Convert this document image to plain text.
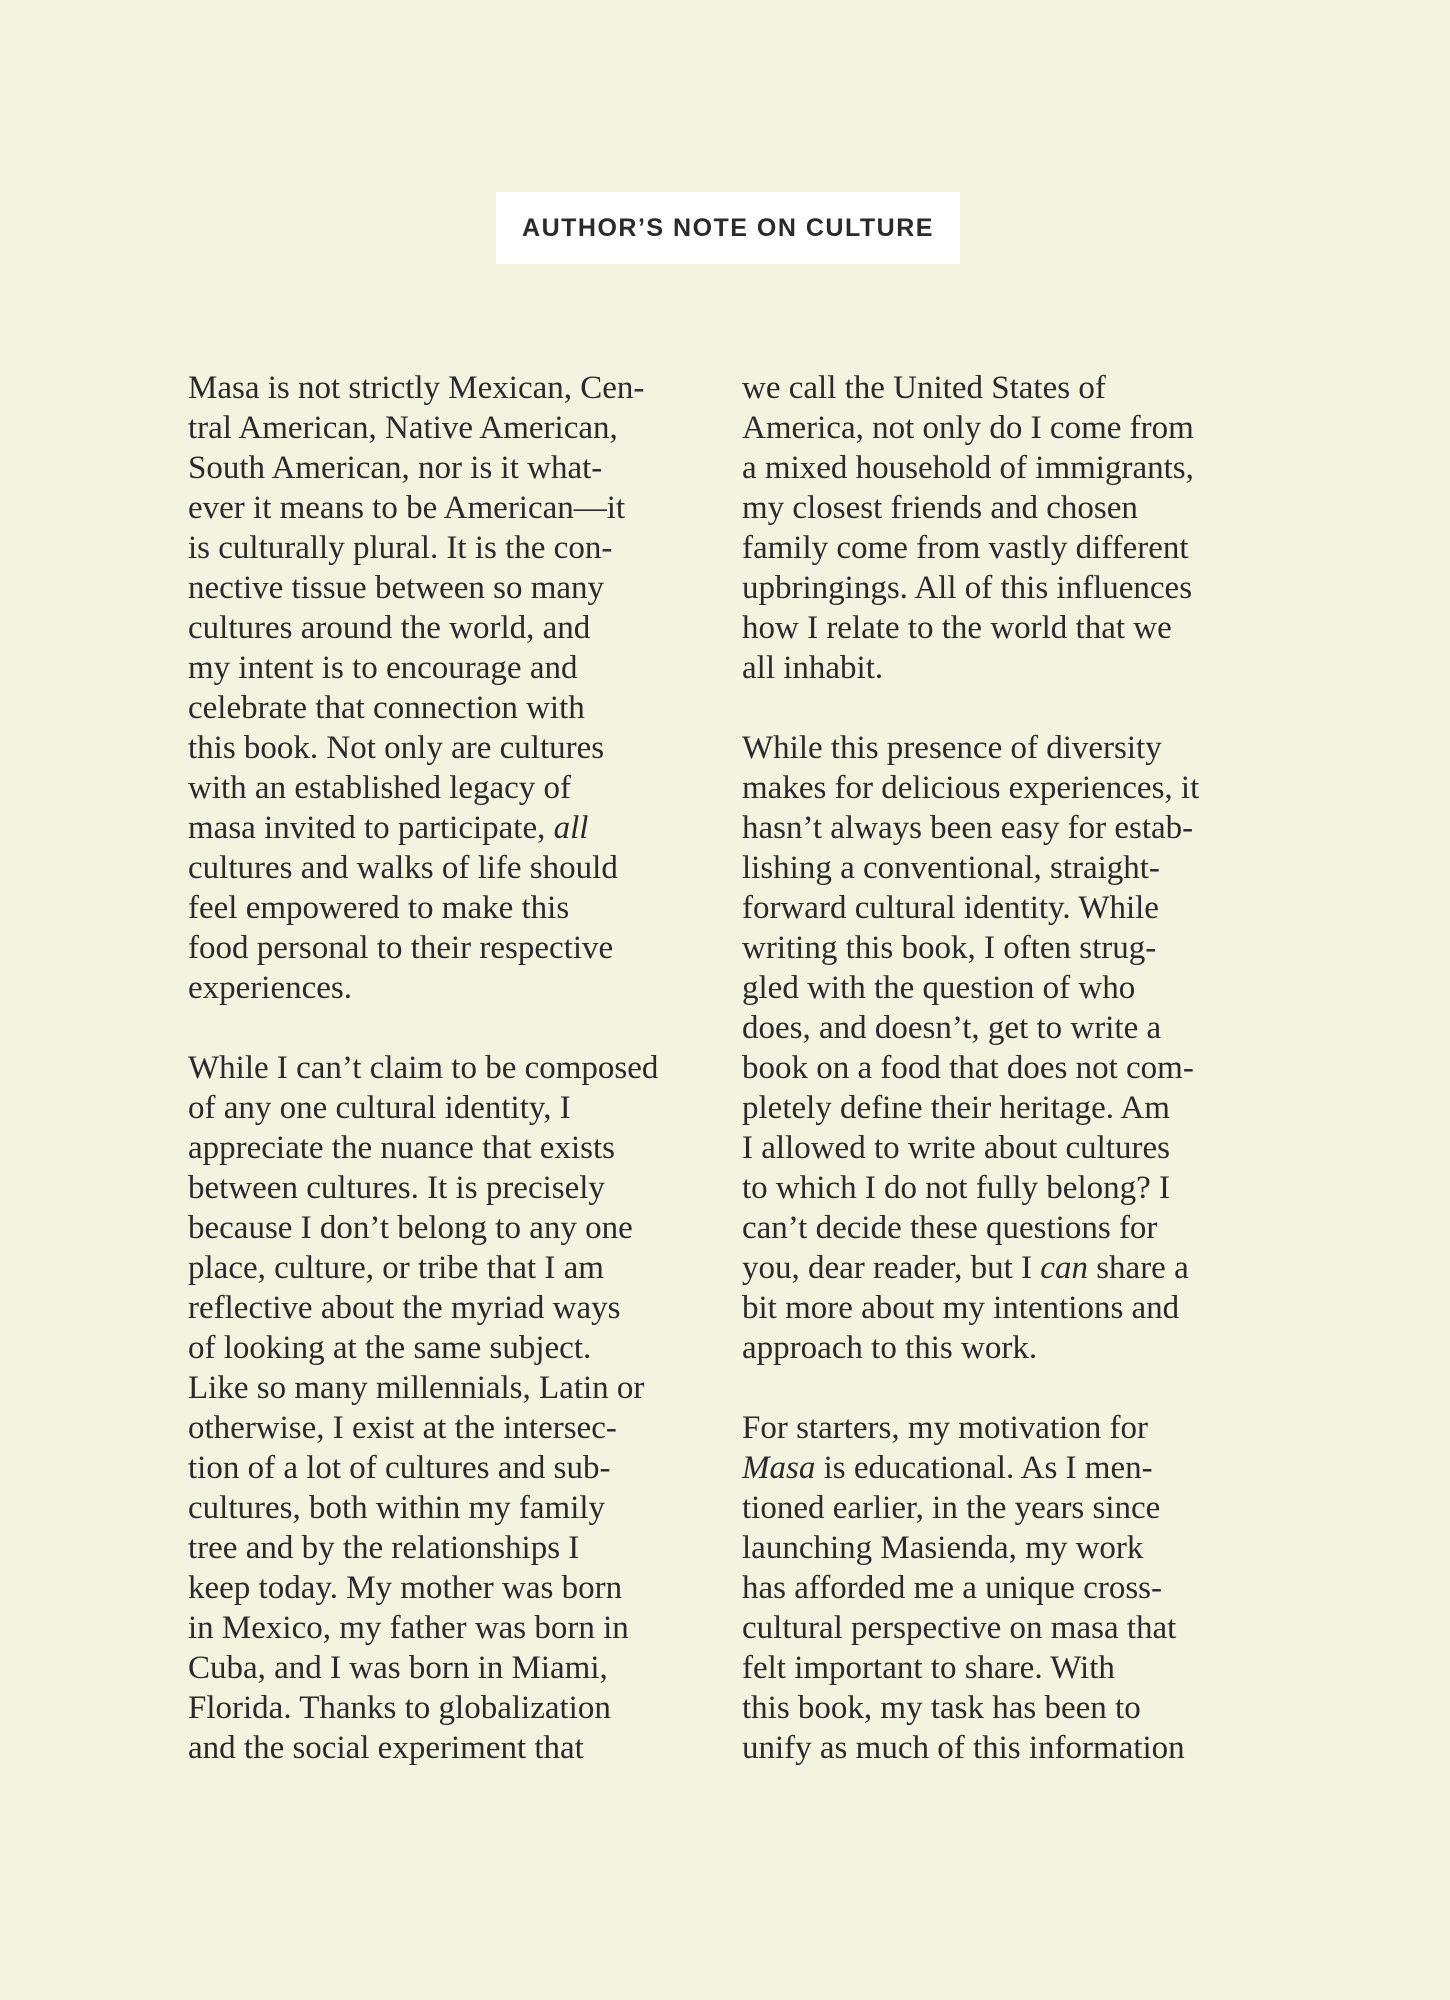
AUTHOR’S NOTE ON CULTURE

Masa is not strictly Mexican, Cen-
tral American, Native American,
South American, nor is it what-
ever it means to be American—it
is culturally plural. It is the con-
nective tissue between so many
cultures around the world, and
my intent is to encourage and
celebrate that connection with
this book. Not only are cultures
with an established legacy of
masa invited to participate, all
cultures and walks of life should
feel empowered to make this
food personal to their respective
experiences.

While I can’t claim to be composed
of any one cultural identity, I
appreciate the nuance that exists
between cultures. It is precisely
because I don’t belong to any one
place, culture, or tribe that I am
reflective about the myriad ways
of looking at the same subject.
Like so many millennials, Latin or
otherwise, I exist at the intersec-
tion of a lot of cultures and sub-
cultures, both within my family
tree and by the relationships I
keep today. My mother was born
in Mexico, my father was born in
Cuba, and I was born in Miami,
Florida. Thanks to globalization
and the social experiment that

we call the United States of
America, not only do I come from
a mixed household of immigrants,
my closest friends and chosen
family come from vastly different
upbringings. All of this influences
how I relate to the world that we
all inhabit.

While this presence of diversity
makes for delicious experiences, it
hasn’t always been easy for estab-
lishing a conventional, straight-
forward cultural identity. While
writing this book, I often strug-
gled with the question of who
does, and doesn’t, get to write a
book on a food that does not com-
pletely define their heritage. Am
I allowed to write about cultures
to which I do not fully belong? I
can’t decide these questions for
you, dear reader, but I can share a
bit more about my intentions and
approach to this work.

For starters, my motivation for
Masa is educational. As I men-
tioned earlier, in the years since
launching Masienda, my work
has afforded me a unique cross-
cultural perspective on masa that
felt important to share. With
this book, my task has been to
unify as much of this information
